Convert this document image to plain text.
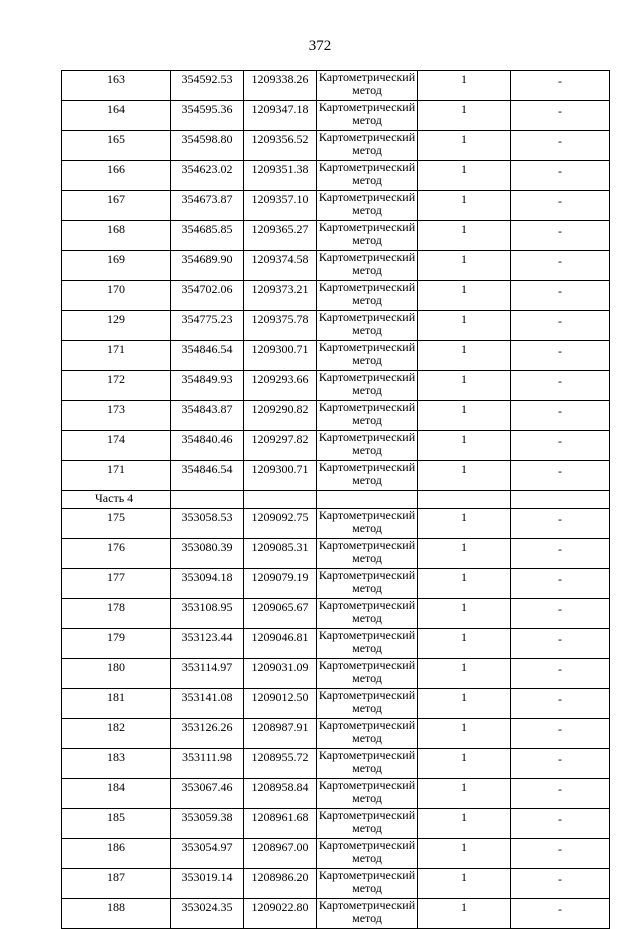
372
163	354592.53	1209338.26	Картометрический метод	1	-
164	354595.36	1209347.18	Картометрический метод	1	-
165	354598.80	1209356.52	Картометрический метод	1	-
166	354623.02	1209351.38	Картометрический метод	1	-
167	354673.87	1209357.10	Картометрический метод	1	-
168	354685.85	1209365.27	Картометрический метод	1	-
169	354689.90	1209374.58	Картометрический метод	1	-
170	354702.06	1209373.21	Картометрический метод	1	-
129	354775.23	1209375.78	Картометрический метод	1	-
171	354846.54	1209300.71	Картометрический метод	1	-
172	354849.93	1209293.66	Картометрический метод	1	-
173	354843.87	1209290.82	Картометрический метод	1	-
174	354840.46	1209297.82	Картометрический метод	1	-
171	354846.54	1209300.71	Картометрический метод	1	-
Часть 4					
175	353058.53	1209092.75	Картометрический метод	1	-
176	353080.39	1209085.31	Картометрический метод	1	-
177	353094.18	1209079.19	Картометрический метод	1	-
178	353108.95	1209065.67	Картометрический метод	1	-
179	353123.44	1209046.81	Картометрический метод	1	-
180	353114.97	1209031.09	Картометрический метод	1	-
181	353141.08	1209012.50	Картометрический метод	1	-
182	353126.26	1208987.91	Картометрический метод	1	-
183	353111.98	1208955.72	Картометрический метод	1	-
184	353067.46	1208958.84	Картометрический метод	1	-
185	353059.38	1208961.68	Картометрический метод	1	-
186	353054.97	1208967.00	Картометрический метод	1	-
187	353019.14	1208986.20	Картометрический метод	1	-
188	353024.35	1209022.80	Картометрический метод	1	-
